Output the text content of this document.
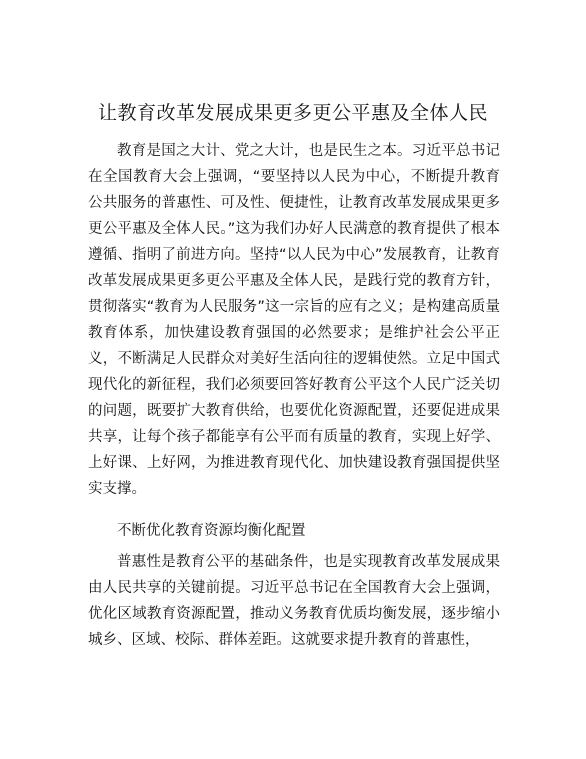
让教育改革发展成果更多更公平惠及全体人民

教育是国之大计、党之大计，也是民生之本。习近平总书记在全国教育大会上强调，“要坚持以人民为中心，不断提升教育公共服务的普惠性、可及性、便捷性，让教育改革发展成果更多更公平惠及全体人民。”这为我们办好人民满意的教育提供了根本遵循、指明了前进方向。坚持“以人民为中心”发展教育，让教育改革发展成果更多更公平惠及全体人民，是践行党的教育方针，贯彻落实“教育为人民服务”这一宗旨的应有之义；是构建高质量教育体系，加快建设教育强国的必然要求；是维护社会公平正义，不断满足人民群众对美好生活向往的逻辑使然。立足中国式现代化的新征程，我们必须要回答好教育公平这个人民广泛关切的问题，既要扩大教育供给，也要优化资源配置，还要促进成果共享，让每个孩子都能享有公平而有质量的教育，实现上好学、上好课、上好网，为推进教育现代化、加快建设教育强国提供坚实支撑。

不断优化教育资源均衡化配置

普惠性是教育公平的基础条件，也是实现教育改革发展成果由人民共享的关键前提。习近平总书记在全国教育大会上强调，优化区域教育资源配置，推动义务教育优质均衡发展，逐步缩小城乡、区域、校际、群体差距。这就要求提升教育的普惠性，
